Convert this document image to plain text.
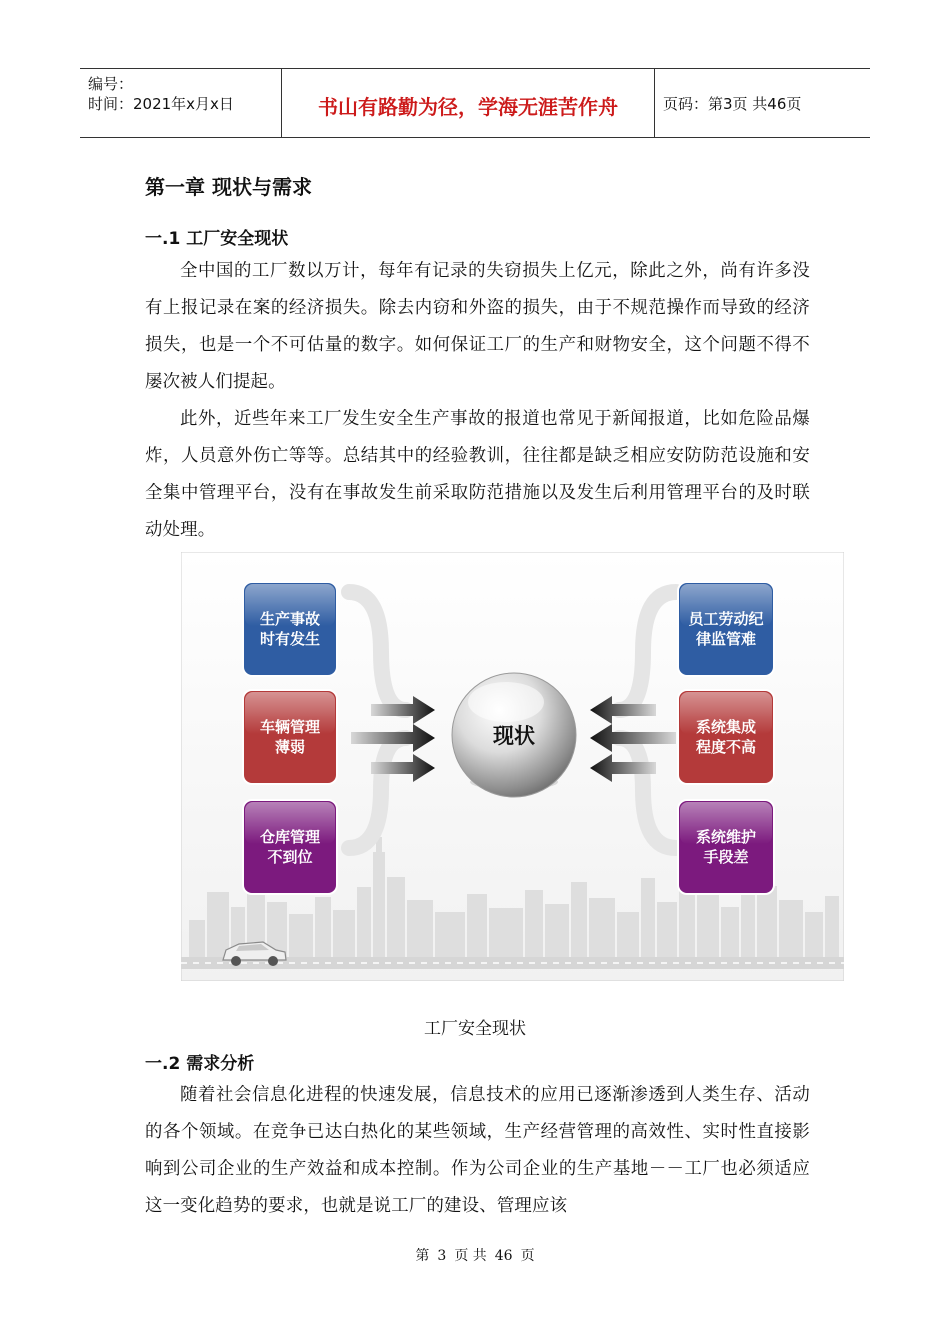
编号：
时间：2021年x月x日	书山有路勤为径，学海无涯苦作舟	页码：第3页 共46页
第一章 现状与需求
一.1 工厂安全现状

全中国的工厂数以万计，每年有记录的失窃损失上亿元，除此之外，尚有许多没有上报记录在案的经济损失。除去内窃和外盗的损失，由于不规范操作而导致的经济损失，也是一个不可估量的数字。如何保证工厂的生产和财物安全，这个问题不得不屡次被人们提起。

此外，近些年来工厂发生安全生产事故的报道也常见于新闻报道，比如危险品爆炸，人员意外伤亡等等。总结其中的经验教训，往往都是缺乏相应安防防范设施和安全集中管理平台，没有在事故发生前采取防范措施以及发生后利用管理平台的及时联动处理。

现状
生产事故
时有发生
车辆管理
薄弱
仓库管理
不到位
员工劳动纪
律监管难
系统集成
程度不高
系统维护
手段差

工厂安全现状

一.2 需求分析

随着社会信息化进程的快速发展，信息技术的应用已逐渐渗透到人类生存、活动的各个领域。在竞争已达白热化的某些领域，生产经营管理的高效性、实时性直接影响到公司企业的生产效益和成本控制。作为公司企业的生产基地－－工厂也必须适应这一变化趋势的要求，也就是说工厂的建设、管理应该

第 3 页 共 46 页
